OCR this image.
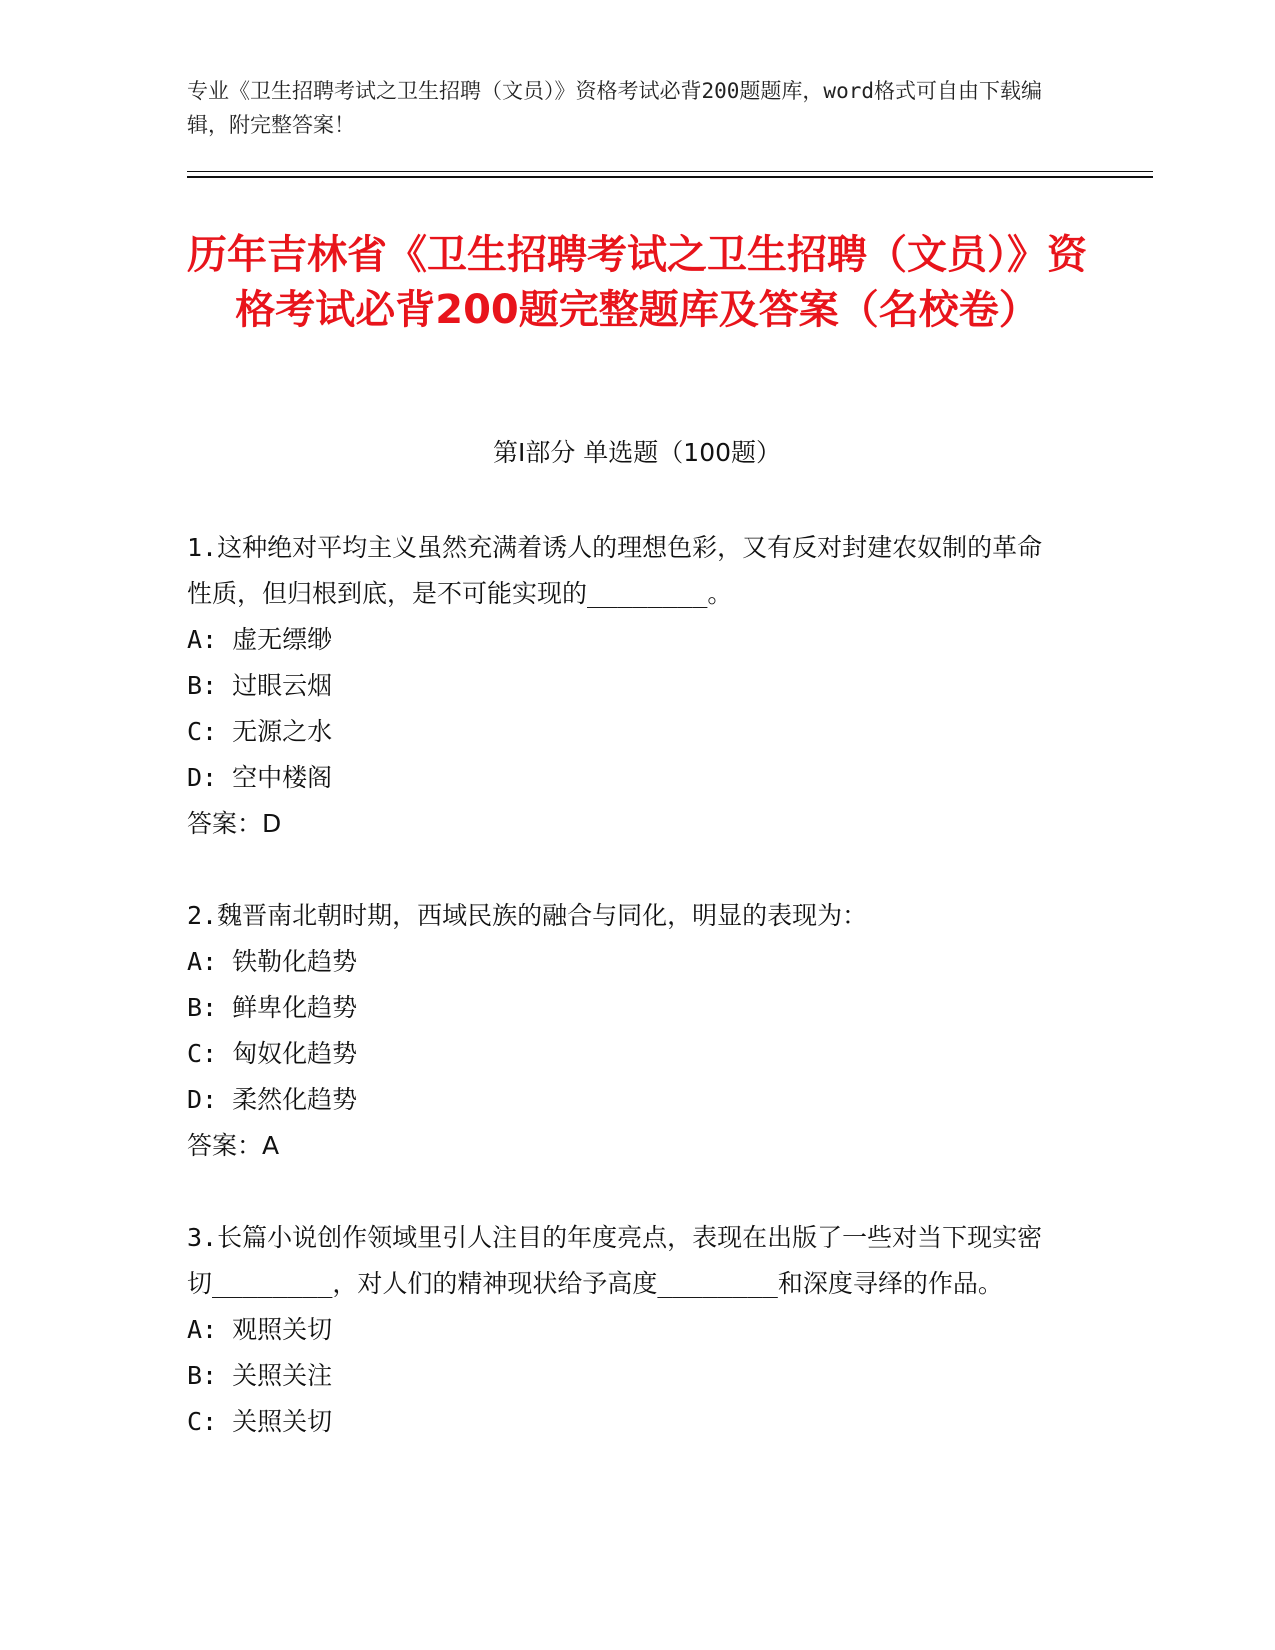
专业《卫生招聘考试之卫生招聘（文员）》资格考试必背200题题库，word格式可自由下载编辑，附完整答案！
历年吉林省《卫生招聘考试之卫生招聘（文员）》资格考试必背200题完整题库及答案（名校卷）
第I部分 单选题（100题）

1.这种绝对平均主义虽然充满着诱人的理想色彩，又有反对封建农奴制的革命性质，但归根到底，是不可能实现的________。

A: 虚无缥缈

B: 过眼云烟

C: 无源之水

D: 空中楼阁

答案：D

2.魏晋南北朝时期，西域民族的融合与同化，明显的表现为：

A: 铁勒化趋势

B: 鲜卑化趋势

C: 匈奴化趋势

D: 柔然化趋势

答案：A

3.长篇小说创作领域里引人注目的年度亮点，表现在出版了一些对当下现实密切________，对人们的精神现状给予高度________和深度寻绎的作品。

A: 观照关切

B: 关照关注

C: 关照关切
